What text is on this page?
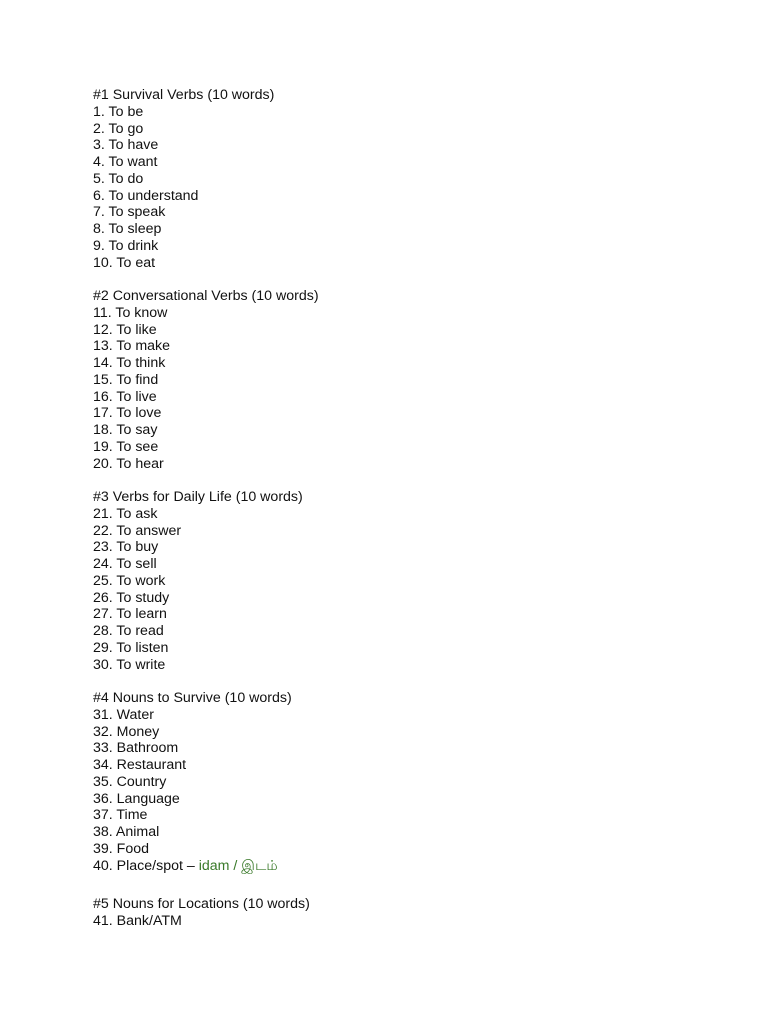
#1 Survival Verbs (10 words)
1. To be
2. To go
3. To have
4. To want
5. To do
6. To understand
7. To speak
8. To sleep
9. To drink
10. To eat
#2 Conversational Verbs (10 words)
11. To know
12. To like
13. To make
14. To think
15. To find
16. To live
17. To love
18. To say
19. To see
20. To hear
#3 Verbs for Daily Life (10 words)
21. To ask
22. To answer
23. To buy
24. To sell
25. To work
26. To study
27. To learn
28. To read
29. To listen
30. To write
#4 Nouns to Survive (10 words)
31. Water
32. Money
33. Bathroom
34. Restaurant
35. Country
36. Language
37. Time
38. Animal
39. Food
40. Place/spot – idam / இடம்
#5 Nouns for Locations (10 words)
41. Bank/ATM
